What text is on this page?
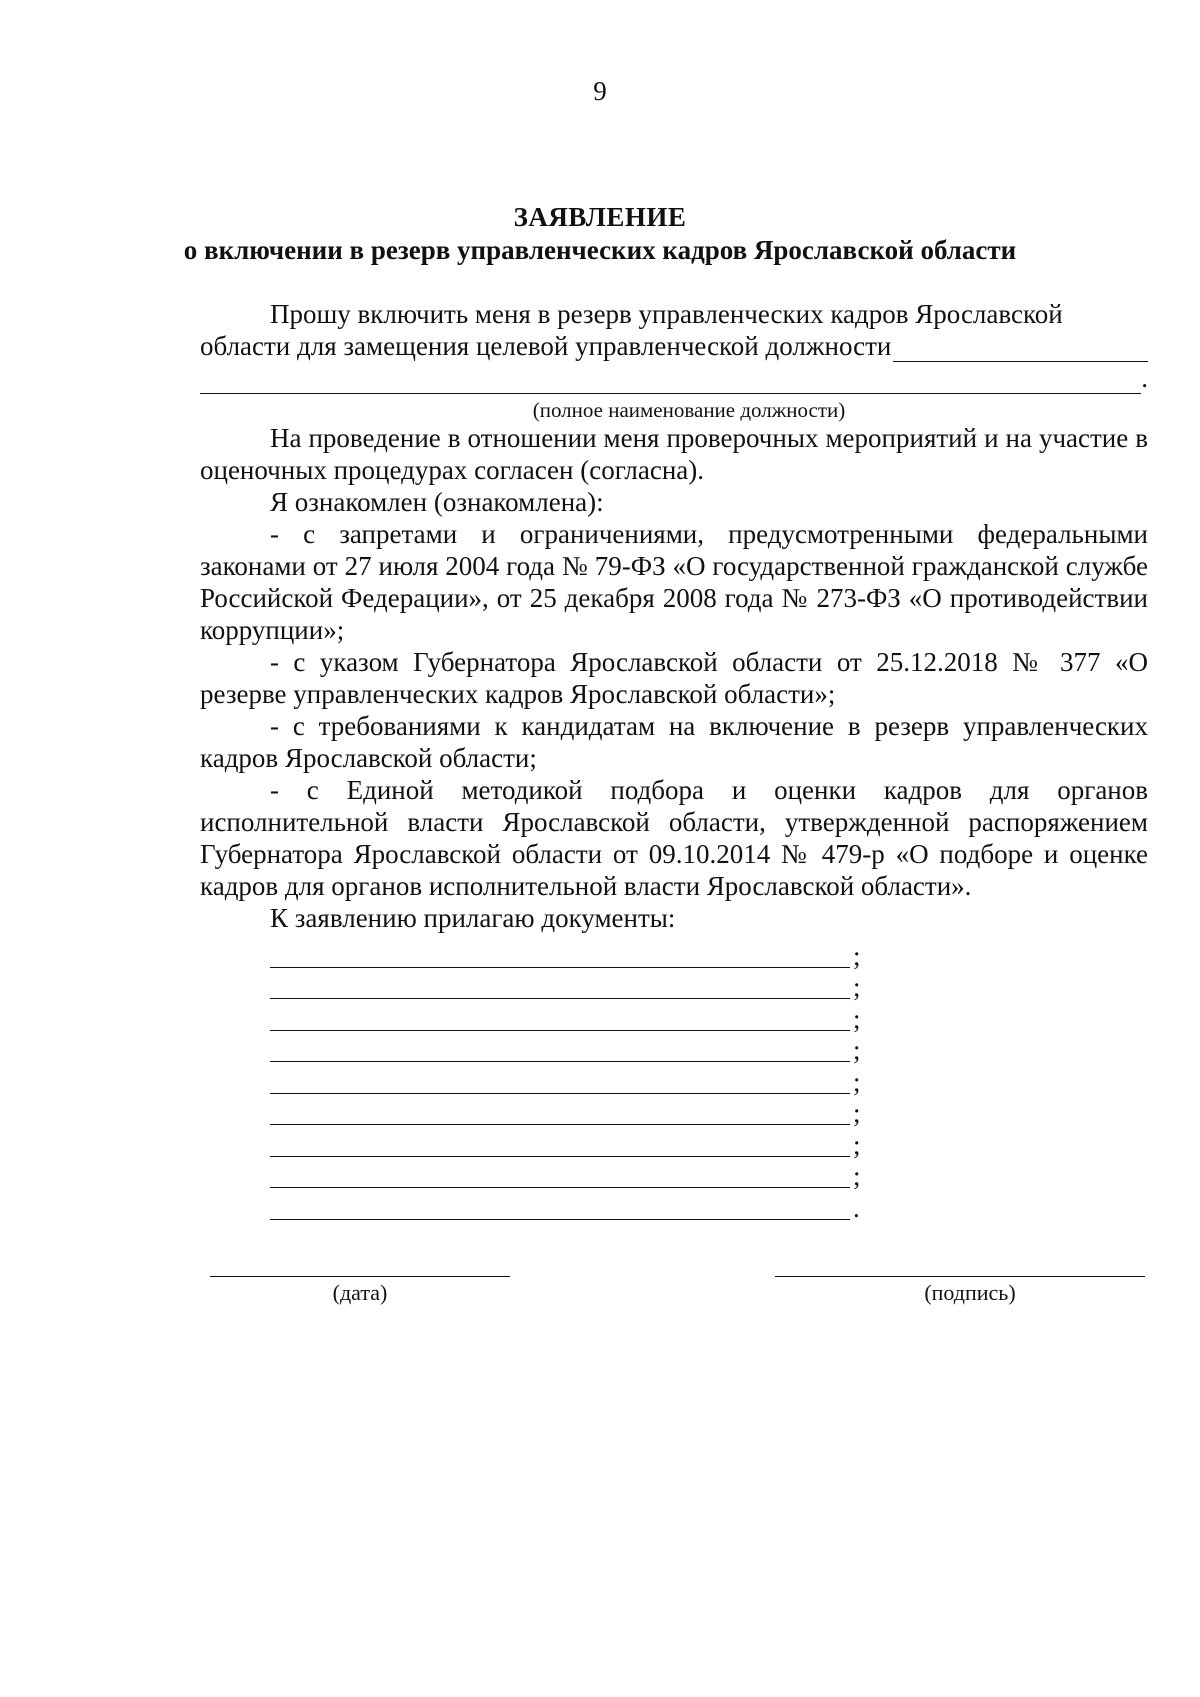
9
ЗАЯВЛЕНИЕ
о включении в резерв управленческих кадров Ярославской области

Прошу включить меня в резерв управленческих кадров Ярославской

области для замещения целевой управленческой должности
.
(полное наименование должности)

На проведение в отношении меня проверочных мероприятий и на участие в оценочных процедурах согласен (согласна).

Я ознакомлен (ознакомлена):

- с запретами и ограничениями, предусмотренными федеральными законами от 27 июля 2004 года № 79-ФЗ «О государственной гражданской службе Российской Федерации», от 25 декабря 2008 года № 273-ФЗ «О противодействии коррупции»;

- с указом Губернатора Ярославской области от 25.12.2018 № 377 «О резерве управленческих кадров Ярославской области»;

- с требованиями к кандидатам на включение в резерв управленческих кадров Ярославской области;

- с Единой методикой подбора и оценки кадров для органов исполнительной власти Ярославской области, утвержденной распоряжением Губернатора Ярославской области от 09.10.2014 № 479-р «О подборе и оценке кадров для органов исполнительной власти Ярославской области».

К заявлению прилагаю документы:

;
;
;
;
;
;
;
;
.
(дата)	(подпись)
